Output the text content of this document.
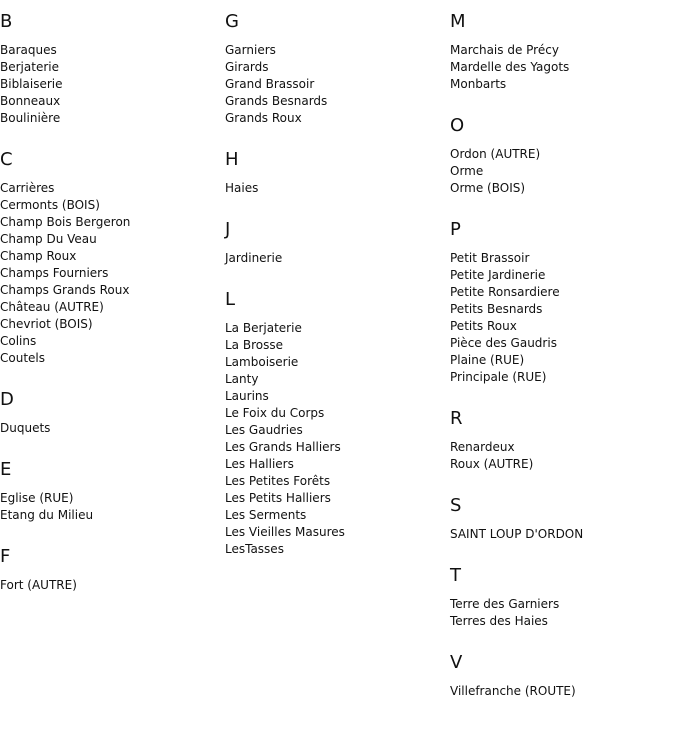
B
Baraques
Berjaterie
Biblaiserie
Bonneaux
Boulinière
C
Carrières
Cermonts (BOIS)
Champ Bois Bergeron
Champ Du Veau
Champ Roux
Champs Fourniers
Champs Grands Roux
Château (AUTRE)
Chevriot (BOIS)
Colins
Coutels
D
Duquets
E
Eglise (RUE)
Etang du Milieu
F
Fort (AUTRE)
G
Garniers
Girards
Grand Brassoir
Grands Besnards
Grands Roux
H
Haies
J
Jardinerie
L
La Berjaterie
La Brosse
Lamboiserie
Lanty
Laurins
Le Foix du Corps
Les Gaudries
Les Grands Halliers
Les Halliers
Les Petites Forêts
Les Petits Halliers
Les Serments
Les Vieilles Masures
LesTasses
M
Marchais de Précy
Mardelle des Yagots
Monbarts
O
Ordon (AUTRE)
Orme
Orme (BOIS)
P
Petit Brassoir
Petite Jardinerie
Petite Ronsardiere
Petits Besnards
Petits Roux
Pièce des Gaudris
Plaine (RUE)
Principale (RUE)
R
Renardeux
Roux (AUTRE)
S
SAINT LOUP D'ORDON
T
Terre des Garniers
Terres des Haies
V
Villefranche (ROUTE)
